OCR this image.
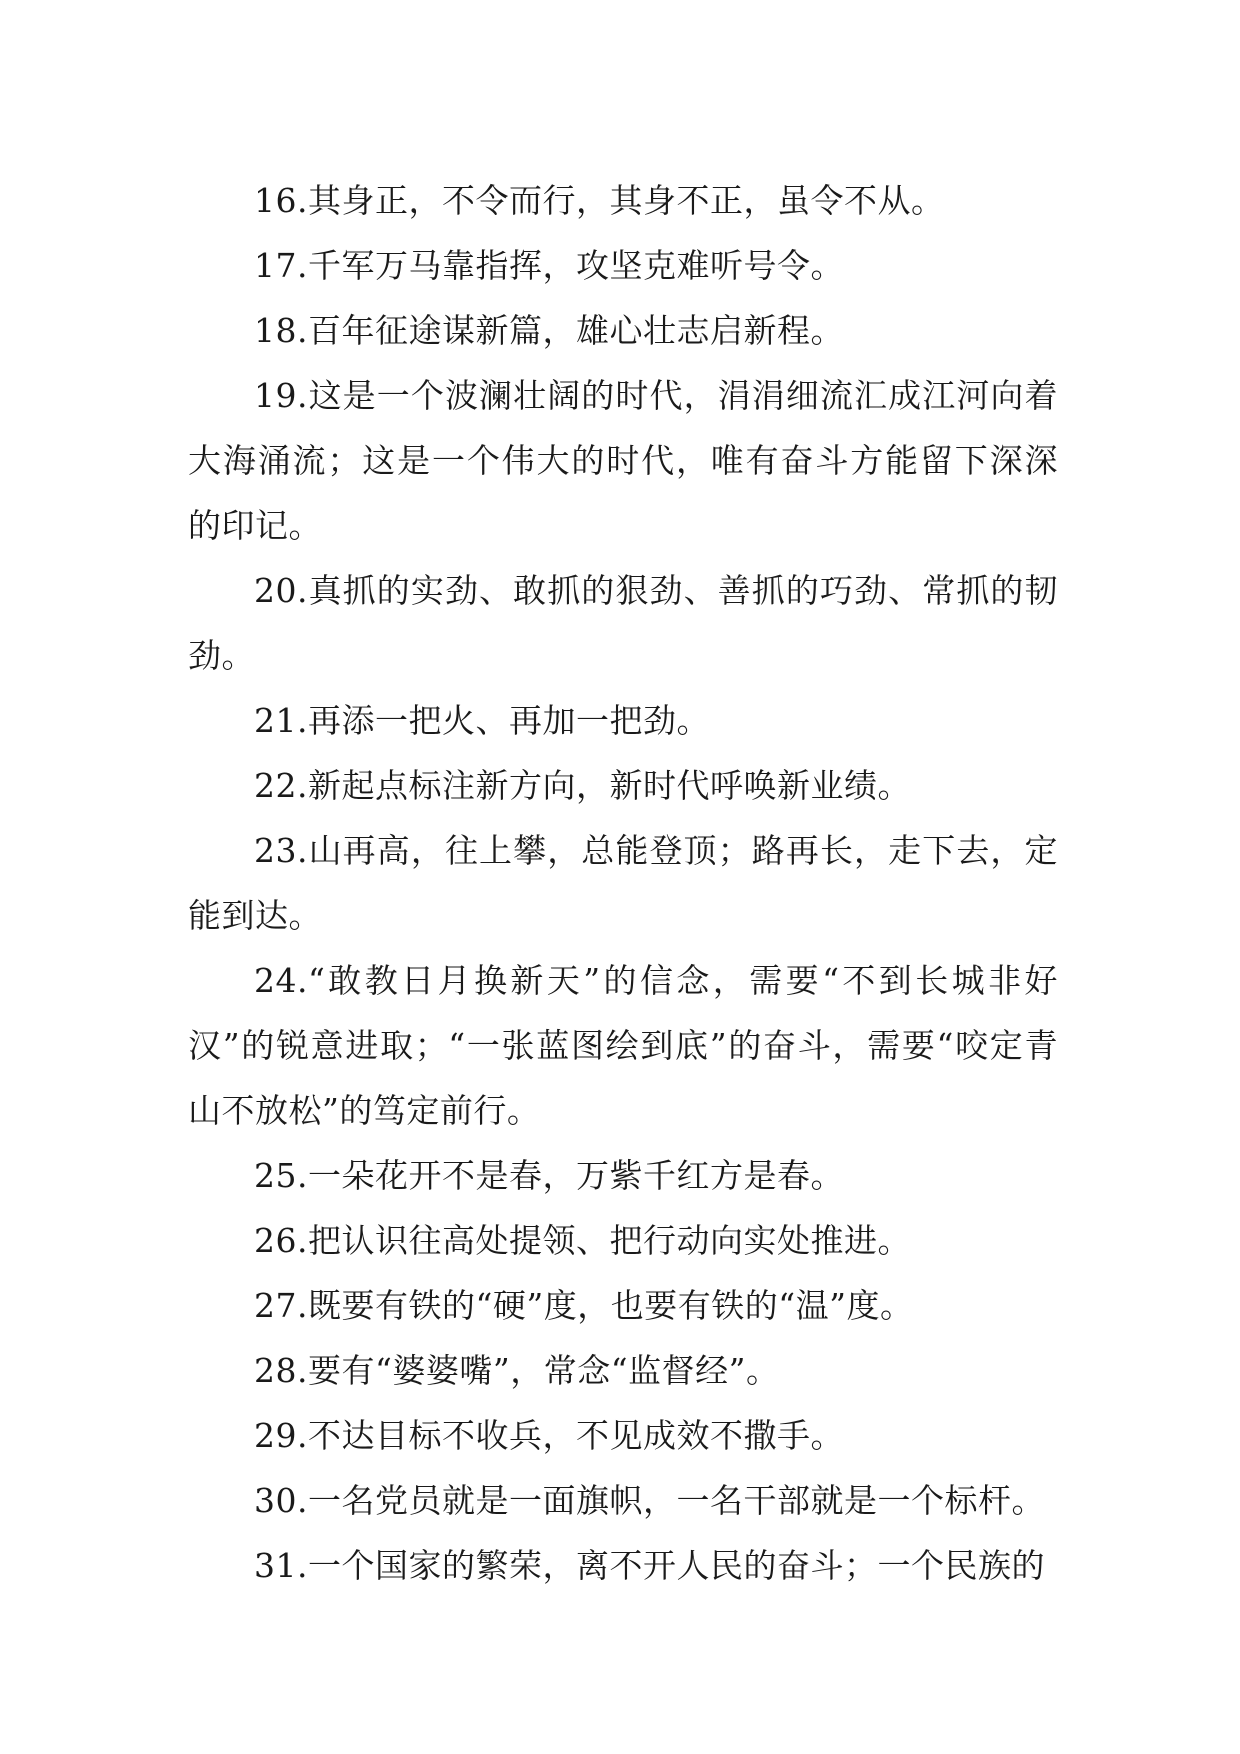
16.其身正，不令而行，其身不正，虽令不从。

17.千军万马靠指挥，攻坚克难听号令。

18.百年征途谋新篇，雄心壮志启新程。

19.这是一个波澜壮阔的时代，涓涓细流汇成江河向着大海涌流；这是一个伟大的时代，唯有奋斗方能留下深深的印记。

20.真抓的实劲、敢抓的狠劲、善抓的巧劲、常抓的韧劲。

21.再添一把火、再加一把劲。

22.新起点标注新方向，新时代呼唤新业绩。

23.山再高，往上攀，总能登顶；路再长，走下去，定能到达。

24.“敢教日月换新天”的信念，需要“不到长城非好汉”的锐意进取；“一张蓝图绘到底”的奋斗，需要“咬定青山不放松”的笃定前行。

25.一朵花开不是春，万紫千红方是春。

26.把认识往高处提领、把行动向实处推进。

27.既要有铁的“硬”度，也要有铁的“温”度。

28.要有“婆婆嘴”，常念“监督经”。

29.不达目标不收兵，不见成效不撒手。

30.一名党员就是一面旗帜，一名干部就是一个标杆。

31.一个国家的繁荣，离不开人民的奋斗；一个民族的
